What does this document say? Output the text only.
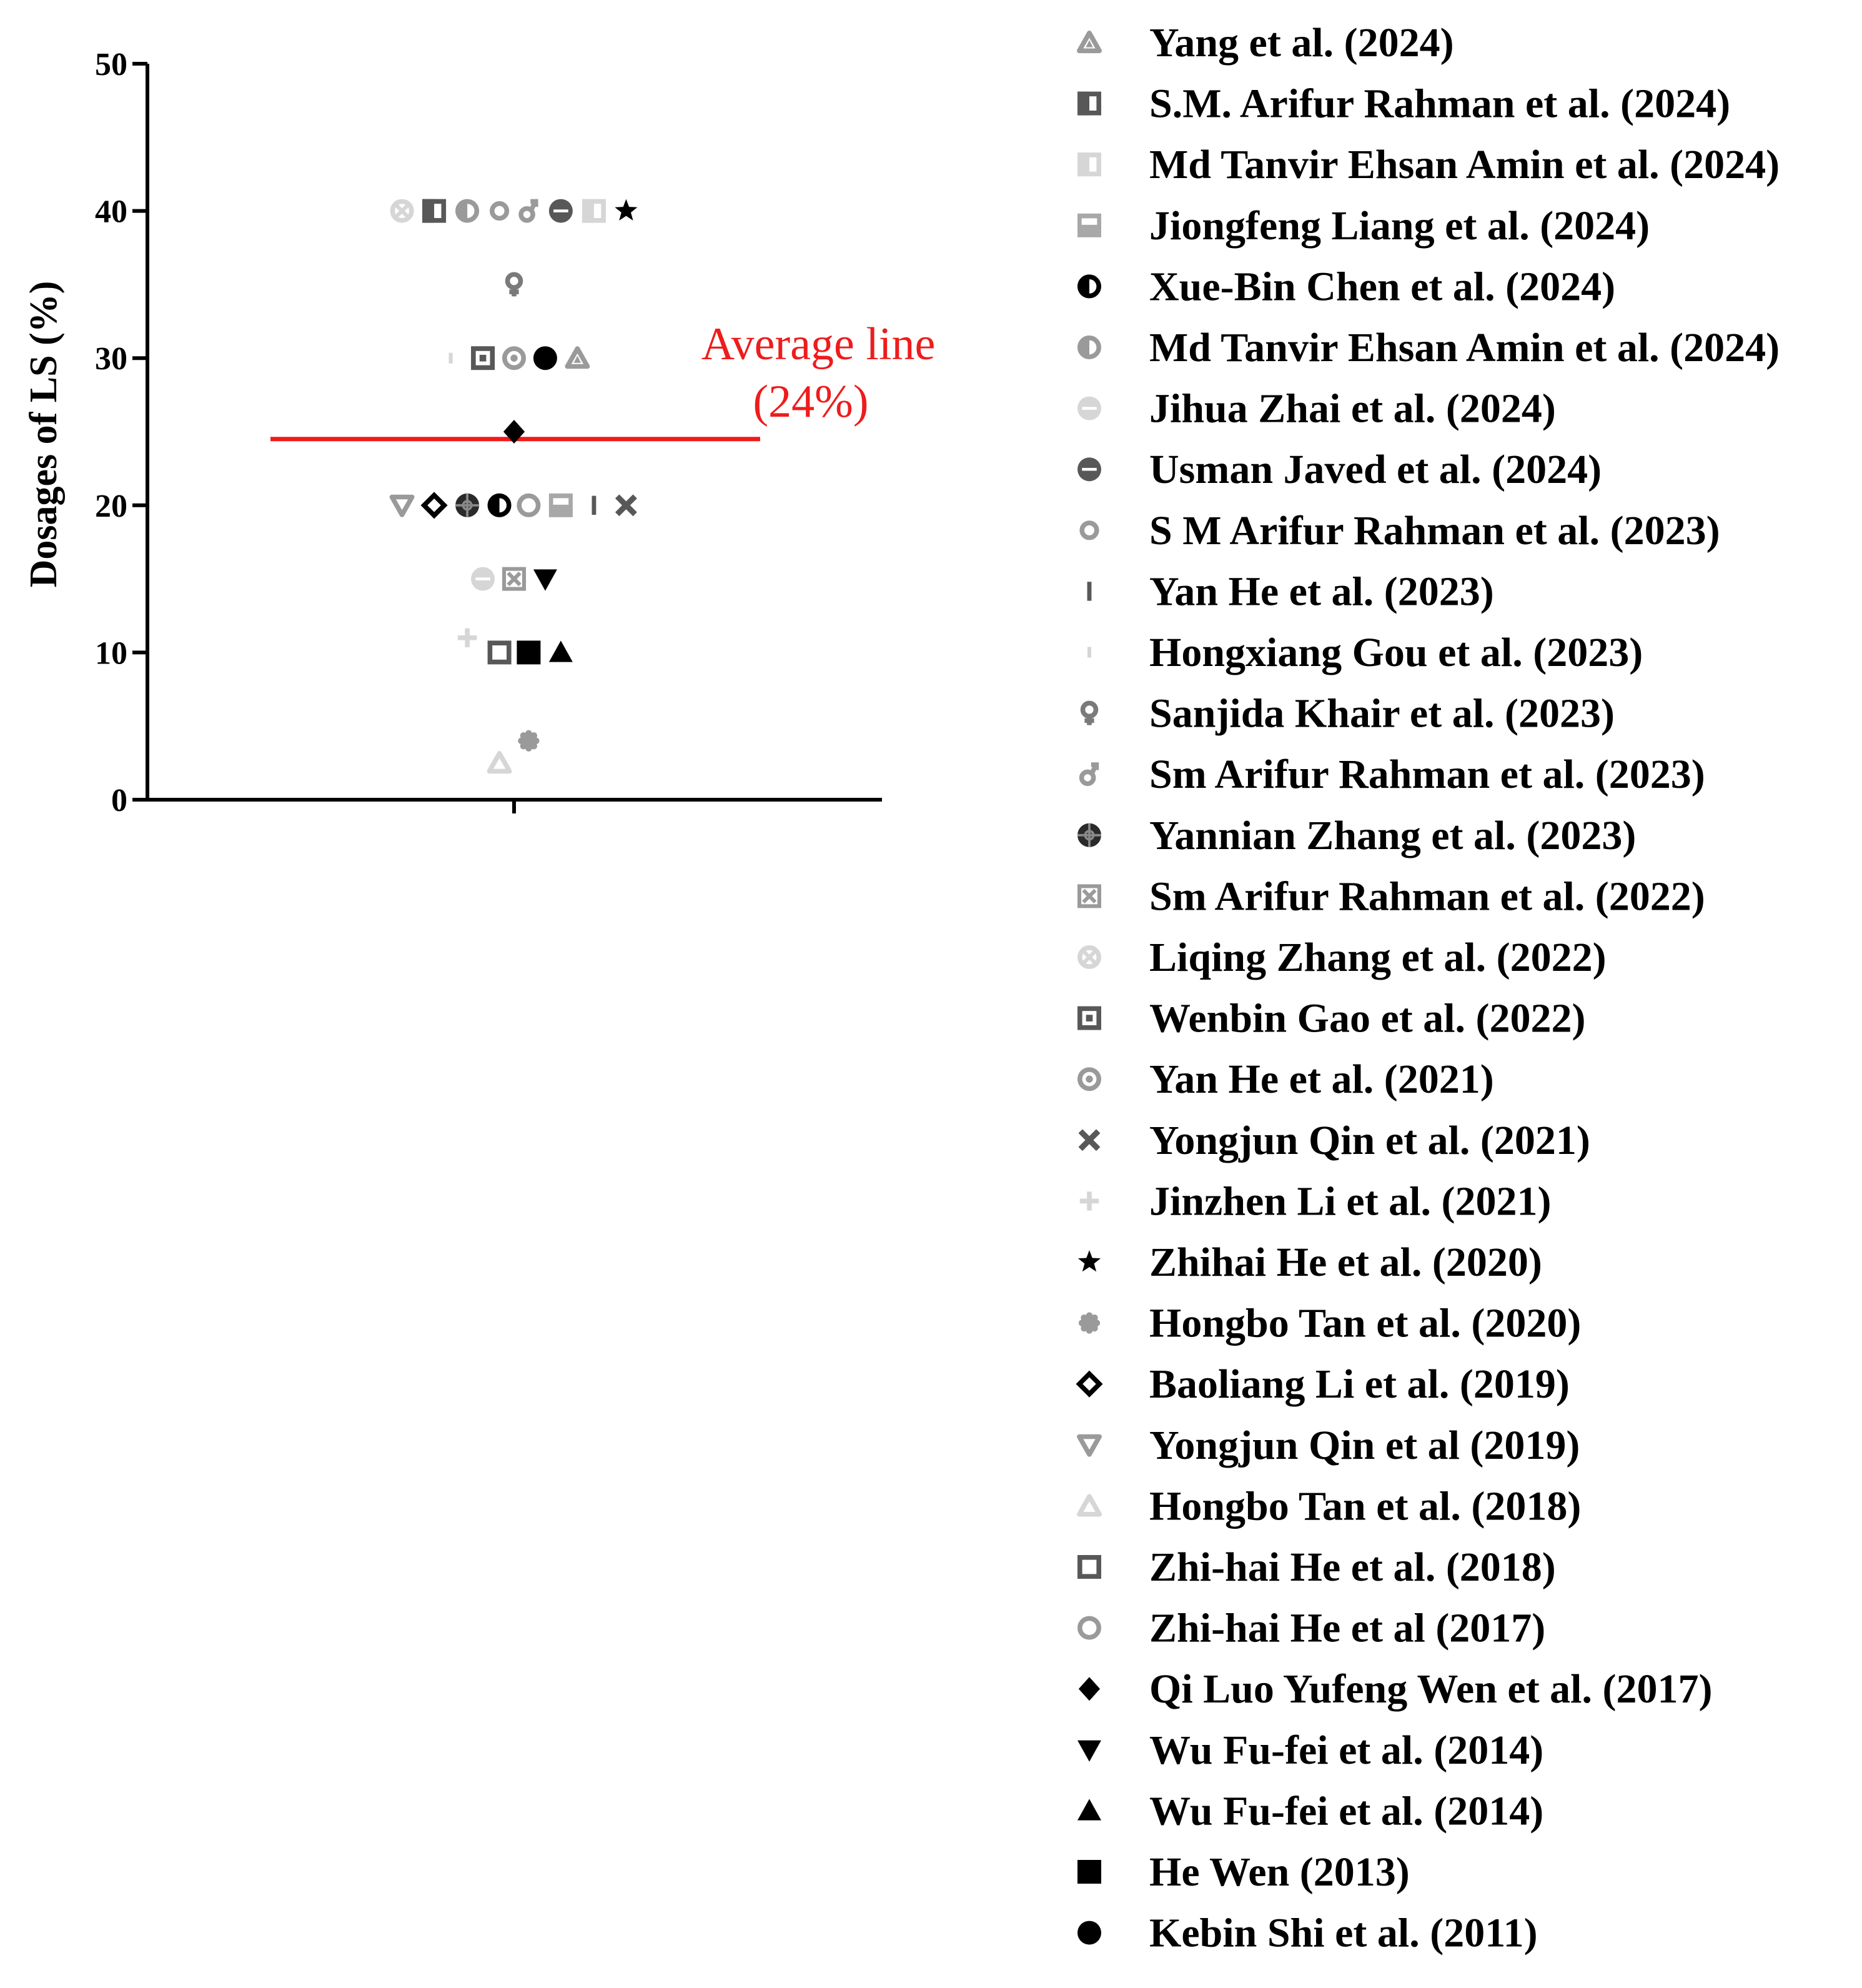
0
10
20
30
40
50
Dosages of LS (%)	Average line
(24%)
Yang et al. (2024)
S.M. Arifur Rahman et al. (2024)
Md Tanvir Ehsan Amin et al. (2024)
Jiongfeng Liang et al. (2024)
Xue-Bin Chen et al. (2024)
Md Tanvir Ehsan Amin et al. (2024)
Jihua Zhai et al. (2024)
Usman Javed et al. (2024)
S M Arifur Rahman et al. (2023)
Yan He et al. (2023)
Hongxiang Gou et al. (2023)
Sanjida Khair et al. (2023)
Sm Arifur Rahman et al. (2023)
Yannian Zhang et al. (2023)
Sm Arifur Rahman et al. (2022)
Liqing Zhang et al. (2022)
Wenbin Gao et al. (2022)
Yan He et al. (2021)
Yongjun Qin et al. (2021)
Jinzhen Li et al. (2021)
Zhihai He et al. (2020)
Hongbo Tan et al. (2020)
Baoliang Li et al. (2019)
Yongjun Qin et al (2019)
Hongbo Tan et al. (2018)
Zhi-hai He et al. (2018)
Zhi-hai He et al (2017)
Qi Luo Yufeng Wen et al. (2017)
Wu Fu-fei et al. (2014)
Wu Fu-fei et al. (2014)
He Wen (2013)
Kebin Shi et al. (2011)
